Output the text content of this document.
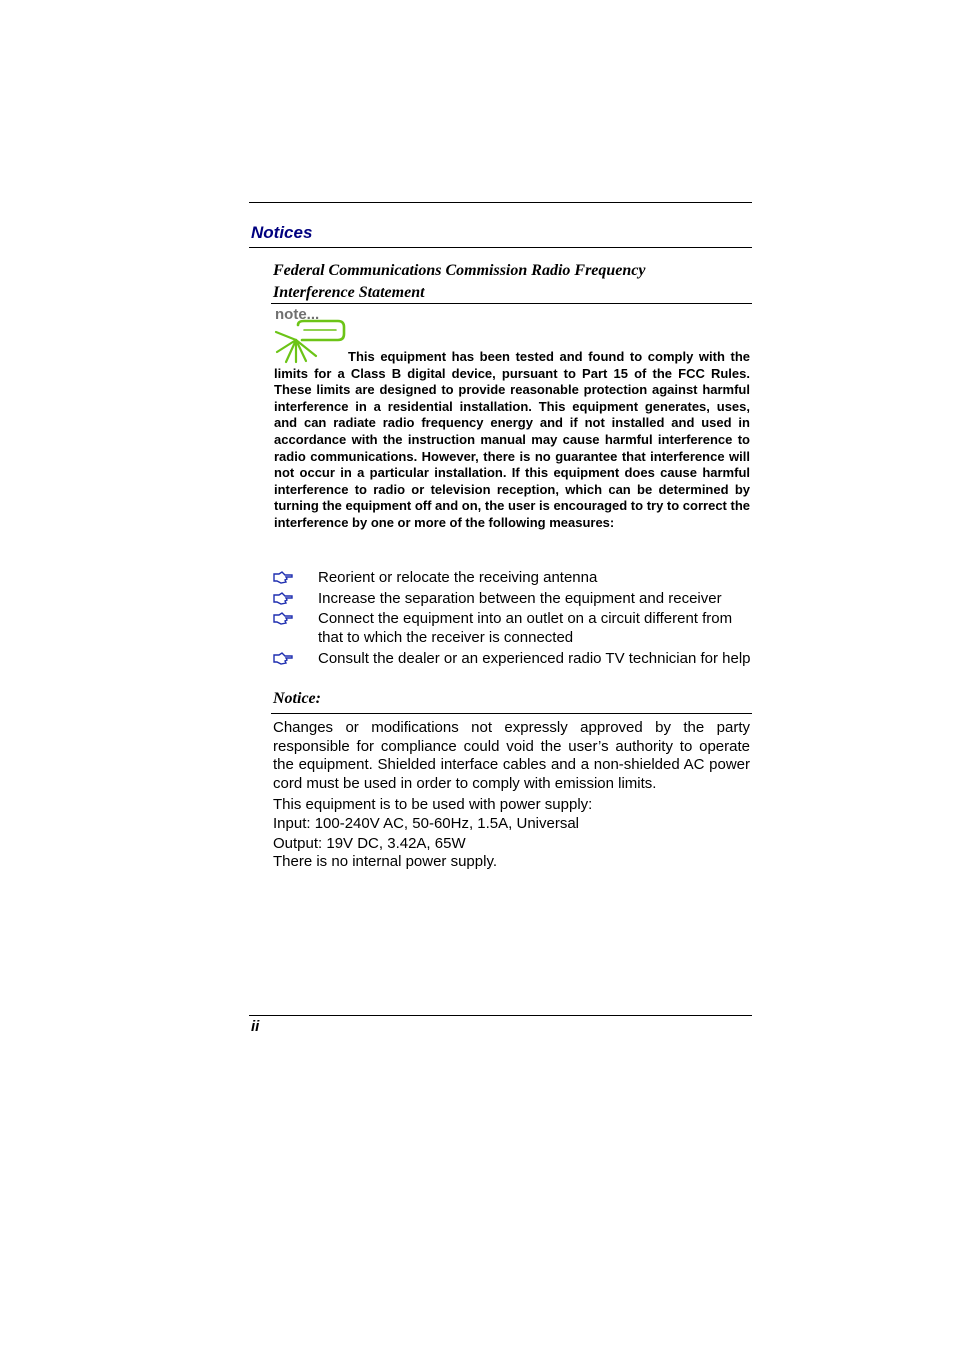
Notices
Federal Communications Commission Radio Frequency
Interference Statement
note...
This equipment has been tested and found to comply with the limits for a Class B digital device, pursuant to Part 15 of the FCC Rules. These limits are designed to provide reasonable protection against harmful interference in a residential installation. This equipment generates, uses, and can radiate radio frequency energy and if not installed and used in accordance with the instruction manual may cause harmful interference to radio communications. However, there is no guarantee that interference will not occur in a particular installation. If this equipment does cause harmful interference to radio or television reception, which can be determined by turning the equipment off and on, the user is encouraged to try to correct the interference by one or more of the following measures:
Reorient or relocate the receiving antenna
Increase the separation between the equipment and receiver
Connect the equipment into an outlet on a circuit different from that to which the receiver is connected
Consult the dealer or an experienced radio TV technician for help
Notice:

Changes or modifications not expressly approved by the party responsible for compliance could void the user’s authority to operate the equipment. Shielded interface cables and a non-shielded AC power cord must be used in order to comply with emission limits.

This equipment is to be used with power supply:

Input: 100-240V AC, 50-60Hz, 1.5A, Universal

Output: 19V DC, 3.42A, 65W

There is no internal power supply.

ii
